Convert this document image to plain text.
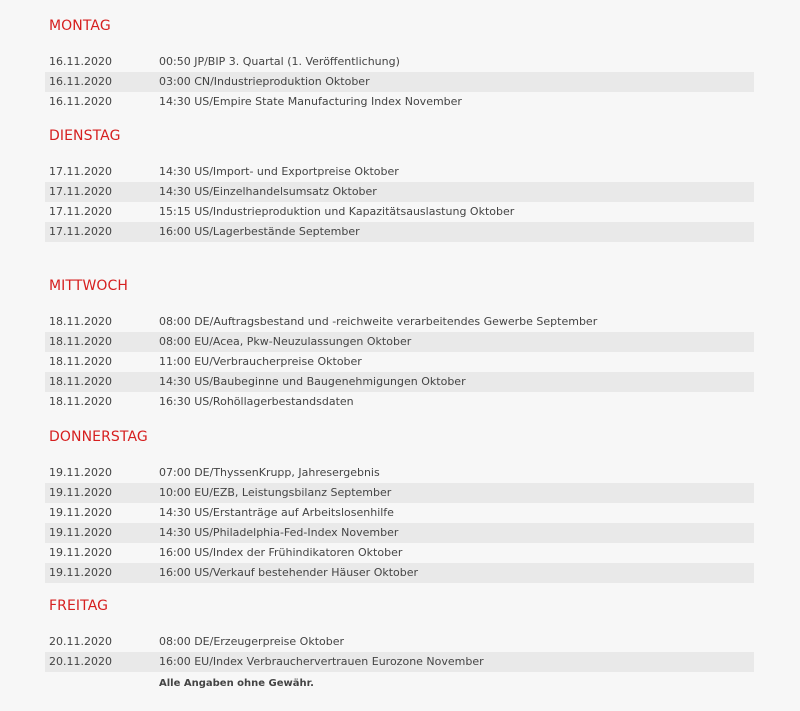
MONTAG
16.11.2020	00:50 JP/BIP 3. Quartal (1. Veröffentlichung)
16.11.2020	03:00 CN/Industrieproduktion Oktober
16.11.2020	14:30 US/Empire State Manufacturing Index November
DIENSTAG
17.11.2020	14:30 US/Import- und Exportpreise Oktober
17.11.2020	14:30 US/Einzelhandelsumsatz Oktober
17.11.2020	15:15 US/Industrieproduktion und Kapazitätsauslastung Oktober
17.11.2020	16:00 US/Lagerbestände September
MITTWOCH
18.11.2020	08:00 DE/Auftragsbestand und -reichweite verarbeitendes Gewerbe September
18.11.2020	08:00 EU/Acea, Pkw-Neuzulassungen Oktober
18.11.2020	11:00 EU/Verbraucherpreise Oktober
18.11.2020	14:30 US/Baubeginne und Baugenehmigungen Oktober
18.11.2020	16:30 US/Rohöllagerbestandsdaten
DONNERSTAG
19.11.2020	07:00 DE/ThyssenKrupp, Jahresergebnis
19.11.2020	10:00 EU/EZB, Leistungsbilanz September
19.11.2020	14:30 US/Erstanträge auf Arbeitslosenhilfe
19.11.2020	14:30 US/Philadelphia-Fed-Index November
19.11.2020	16:00 US/Index der Frühindikatoren Oktober
19.11.2020	16:00 US/Verkauf bestehender Häuser Oktober
FREITAG
20.11.2020	08:00 DE/Erzeugerpreise Oktober
20.11.2020	16:00 EU/Index Verbrauchervertrauen Eurozone November
Alle Angaben ohne Gewähr.
